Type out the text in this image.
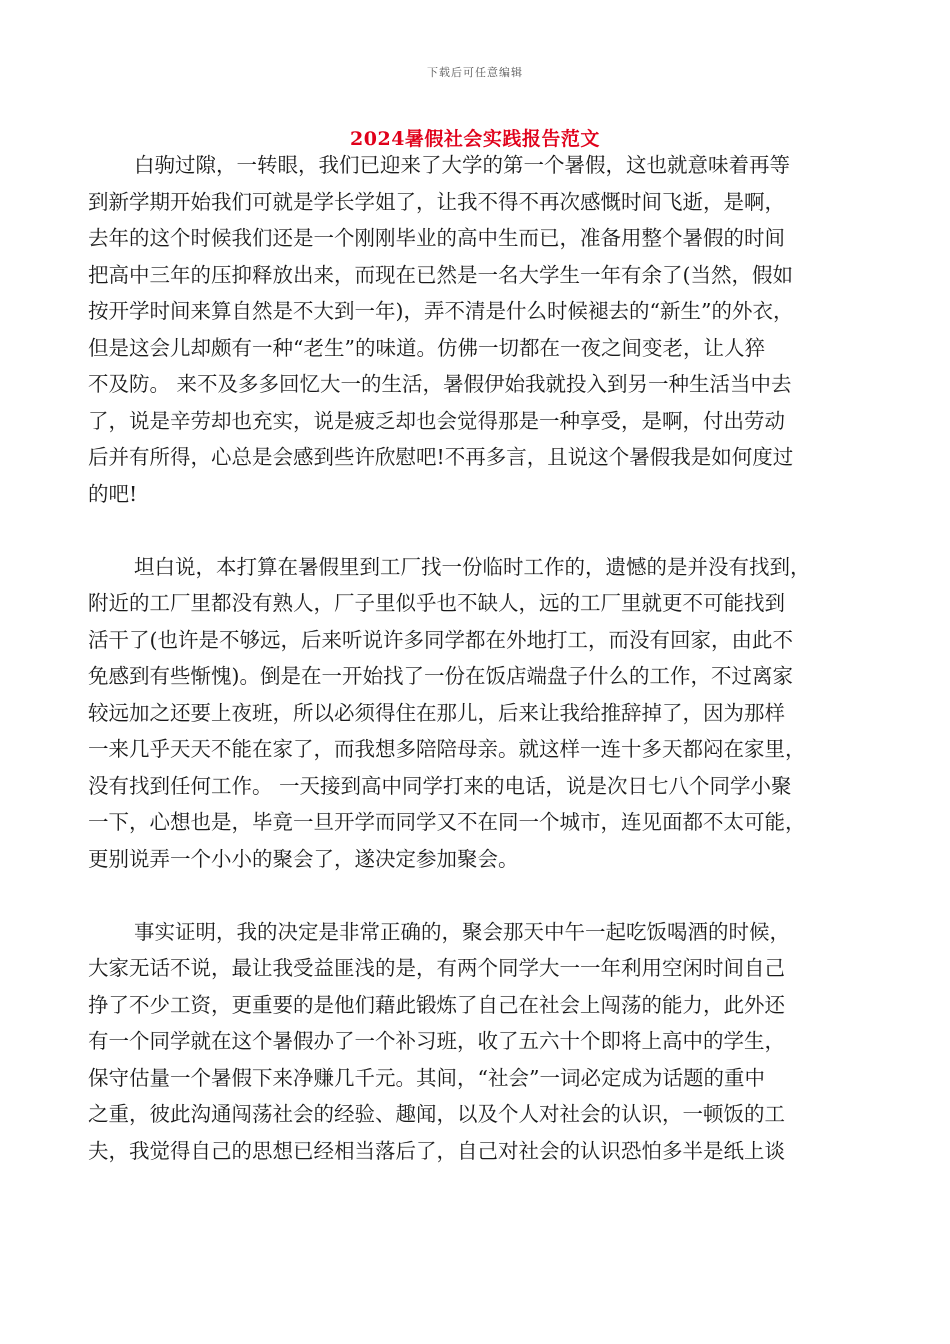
下载后可任意编辑
2024暑假社会实践报告范文
白驹过隙，一转眼，我们已迎来了大学的第一个暑假，这也就意味着再等
到新学期开始我们可就是学长学姐了，让我不得不再次感慨时间飞逝，是啊，
去年的这个时候我们还是一个刚刚毕业的高中生而已，准备用整个暑假的时间
把高中三年的压抑释放出来，而现在已然是一名大学生一年有余了(当然，假如
按开学时间来算自然是不大到一年)，弄不清是什么时候褪去的“新生”的外衣，
但是这会儿却颇有一种“老生”的味道。仿佛一切都在一夜之间变老，让人猝
不及防。 来不及多多回忆大一的生活，暑假伊始我就投入到另一种生活当中去
了，说是辛劳却也充实，说是疲乏却也会觉得那是一种享受，是啊，付出劳动
后并有所得，心总是会感到些许欣慰吧!不再多言，且说这个暑假我是如何度过
的吧!
坦白说，本打算在暑假里到工厂找一份临时工作的，遗憾的是并没有找到，
附近的工厂里都没有熟人，厂子里似乎也不缺人，远的工厂里就更不可能找到
活干了(也许是不够远，后来听说许多同学都在外地打工，而没有回家，由此不
免感到有些惭愧)。倒是在一开始找了一份在饭店端盘子什么的工作，不过离家
较远加之还要上夜班，所以必须得住在那儿，后来让我给推辞掉了，因为那样
一来几乎天天不能在家了，而我想多陪陪母亲。就这样一连十多天都闷在家里，
没有找到任何工作。 一天接到高中同学打来的电话，说是次日七八个同学小聚
一下，心想也是，毕竟一旦开学而同学又不在同一个城市，连见面都不太可能，
更别说弄一个小小的聚会了，遂决定参加聚会。
事实证明，我的决定是非常正确的，聚会那天中午一起吃饭喝酒的时候，
大家无话不说，最让我受益匪浅的是，有两个同学大一一年利用空闲时间自己
挣了不少工资，更重要的是他们藉此锻炼了自己在社会上闯荡的能力，此外还
有一个同学就在这个暑假办了一个补习班，收了五六十个即将上高中的学生，
保守估量一个暑假下来净赚几千元。其间，“社会”一词必定成为话题的重中
之重，彼此沟通闯荡社会的经验、趣闻，以及个人对社会的认识，一顿饭的工
夫，我觉得自己的思想已经相当落后了，自己对社会的认识恐怕多半是纸上谈
